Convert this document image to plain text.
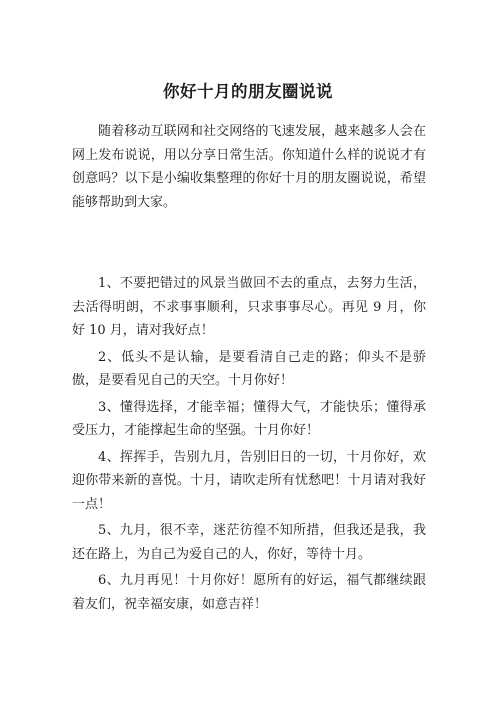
你好十月的朋友圈说说

随着移动互联网和社交网络的飞速发展，越来越多人会在网上发布说说，用以分享日常生活。你知道什么样的说说才有创意吗？以下是小编收集整理的你好十月的朋友圈说说，希望能够帮助到大家。

1、不要把错过的风景当做回不去的重点，去努力生活，去活得明朗，不求事事顺利，只求事事尽心。再见 9 月，你好 10 月，请对我好点！

2、低头不是认输，是要看清自己走的路；仰头不是骄傲，是要看见自己的天空。十月你好！

3、懂得选择，才能幸福；懂得大气，才能快乐；懂得承受压力，才能撑起生命的坚强。十月你好！

4、挥挥手，告别九月，告别旧日的一切，十月你好，欢迎你带来新的喜悦。十月，请吹走所有忧愁吧！十月请对我好一点！

5、九月，很不幸，迷茫彷徨不知所措，但我还是我，我还在路上，为自己为爱自己的人，你好，等待十月。

6、九月再见！十月你好！愿所有的好运，福气都继续跟着友们，祝幸福安康，如意吉祥！
